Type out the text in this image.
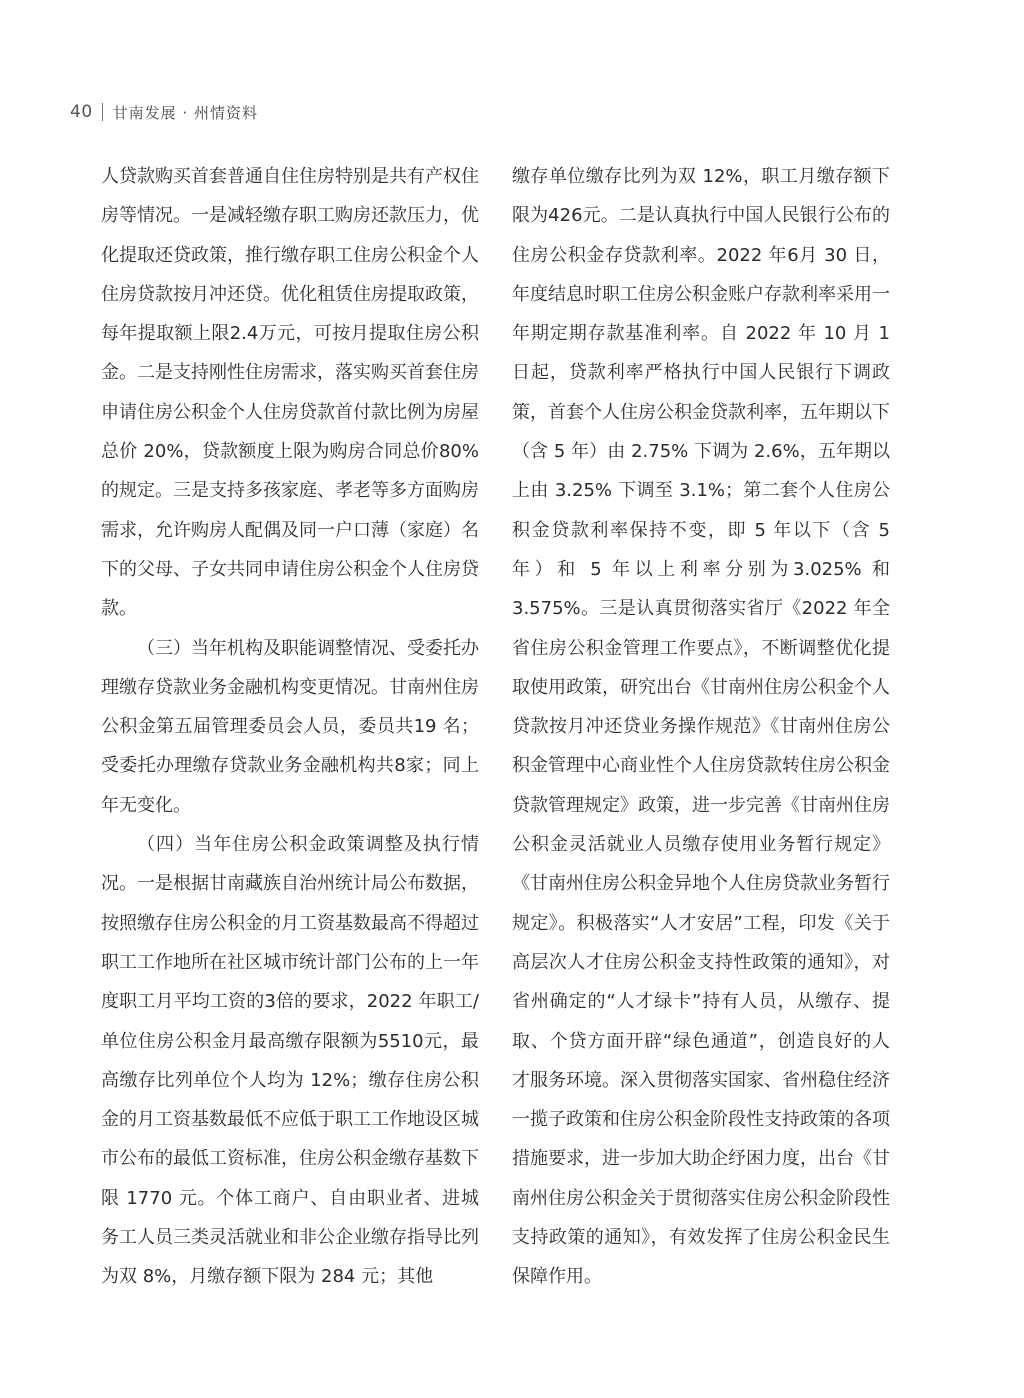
40 甘南发展 · 州情资料

人贷款购买首套普通自住住房特别是共有产权住房等情况。一是减轻缴存职工购房还款压力，优化提取还贷政策，推行缴存职工住房公积金个人住房贷款按月冲还贷。优化租赁住房提取政策，每年提取额上限2.4万元，可按月提取住房公积金。二是支持刚性住房需求，落实购买首套住房申请住房公积金个人住房贷款首付款比例为房屋总价 20%，贷款额度上限为购房合同总价80% 的规定。三是支持多孩家庭、孝老等多方面购房需求，允许购房人配偶及同一户口薄（家庭）名下的父母、子女共同申请住房公积金个人住房贷款。

（三）当年机构及职能调整情况、受委托办理缴存贷款业务金融机构变更情况。甘南州住房公积金第五届管理委员会人员，委员共19 名；受委托办理缴存贷款业务金融机构共8家；同上年无变化。

（四）当年住房公积金政策调整及执行情况。一是根据甘南藏族自治州统计局公布数据，按照缴存住房公积金的月工资基数最高不得超过职工工作地所在社区城市统计部门公布的上一年度职工月平均工资的3倍的要求，2022 年职工/单位住房公积金月最高缴存限额为5510元，最高缴存比列单位个人均为 12%；缴存住房公积金的月工资基数最低不应低于职工工作地设区城市公布的最低工资标准，住房公积金缴存基数下限 1770 元。个体工商户、自由职业者、进城务工人员三类灵活就业和非公企业缴存指导比列为双 8%，月缴存额下限为 284 元；其他

缴存单位缴存比列为双 12%，职工月缴存额下限为426元。二是认真执行中国人民银行公布的住房公积金存贷款利率。2022 年6月 30 日，年度结息时职工住房公积金账户存款利率采用一年期定期存款基准利率。自 2022 年 10 月 1 日起，贷款利率严格执行中国人民银行下调政策，首套个人住房公积金贷款利率，五年期以下（含 5 年）由 2.75% 下调为 2.6%，五年期以上由 3.25% 下调至 3.1%；第二套个人住房公积金贷款利率保持不变，即 5 年以下（含 5 年）和 5 年以上利率分别为3.025% 和3.575%。三是认真贯彻落实省厅《2022 年全省住房公积金管理工作要点》，不断调整优化提取使用政策，研究出台《甘南州住房公积金个人贷款按月冲还贷业务操作规范》《甘南州住房公积金管理中心商业性个人住房贷款转住房公积金贷款管理规定》政策，进一步完善《甘南州住房公积金灵活就业人员缴存使用业务暂行规定》《甘南州住房公积金异地个人住房贷款业务暂行规定》。积极落实“人才安居”工程，印发《关于高层次人才住房公积金支持性政策的通知》，对省州确定的“人才绿卡”持有人员，从缴存、提取、个贷方面开辟“绿色通道”，创造良好的人才服务环境。深入贯彻落实国家、省州稳住经济一揽子政策和住房公积金阶段性支持政策的各项措施要求，进一步加大助企纾困力度，出台《甘南州住房公积金关于贯彻落实住房公积金阶段性支持政策的通知》，有效发挥了住房公积金民生保障作用。
